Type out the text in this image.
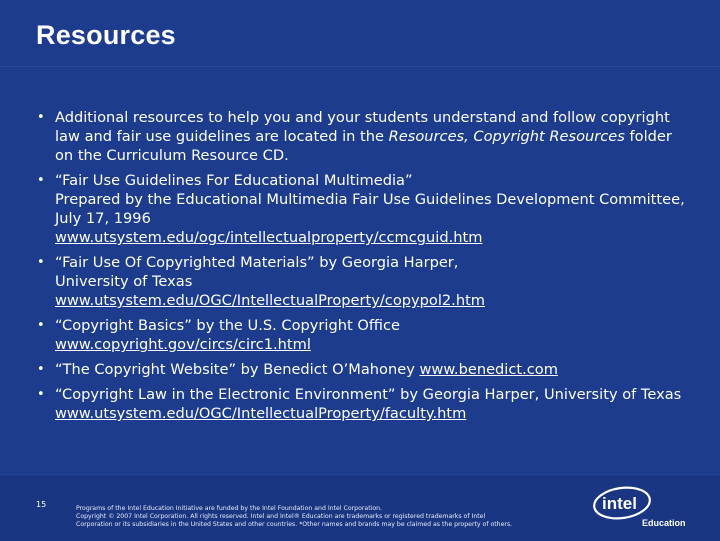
Resources
• Additional resources to help you and your students understand and follow copyright law and fair use guidelines are located in the Resources, Copyright Resources folder on the Curriculum Resource CD.
• “Fair Use Guidelines For Educational Multimedia”
Prepared by the Educational Multimedia Fair Use Guidelines Development Committee, July 17, 1996
www.utsystem.edu/ogc/intellectualproperty/ccmcguid.htm
• “Fair Use Of Copyrighted Materials” by Georgia Harper,
University of Texas
www.utsystem.edu/OGC/IntellectualProperty/copypol2.htm
• “Copyright Basics” by the U.S. Copyright Office
www.copyright.gov/circs/circ1.html
• “The Copyright Website” by Benedict O’Mahoney www.benedict.com
• “Copyright Law in the Electronic Environment” by Georgia Harper, University of Texas www.utsystem.edu/OGC/IntellectualProperty/faculty.htm
15	Programs of the Intel Education Initiative are funded by the Intel Foundation and Intel Corporation.
Copyright © 2007 Intel Corporation. All rights reserved. Intel and Intel® Education are trademarks or registered trademarks of Intel
Corporation or its subsidiaries in the United States and other countries. *Other names and brands may be claimed as the property of others.
intel
Education
